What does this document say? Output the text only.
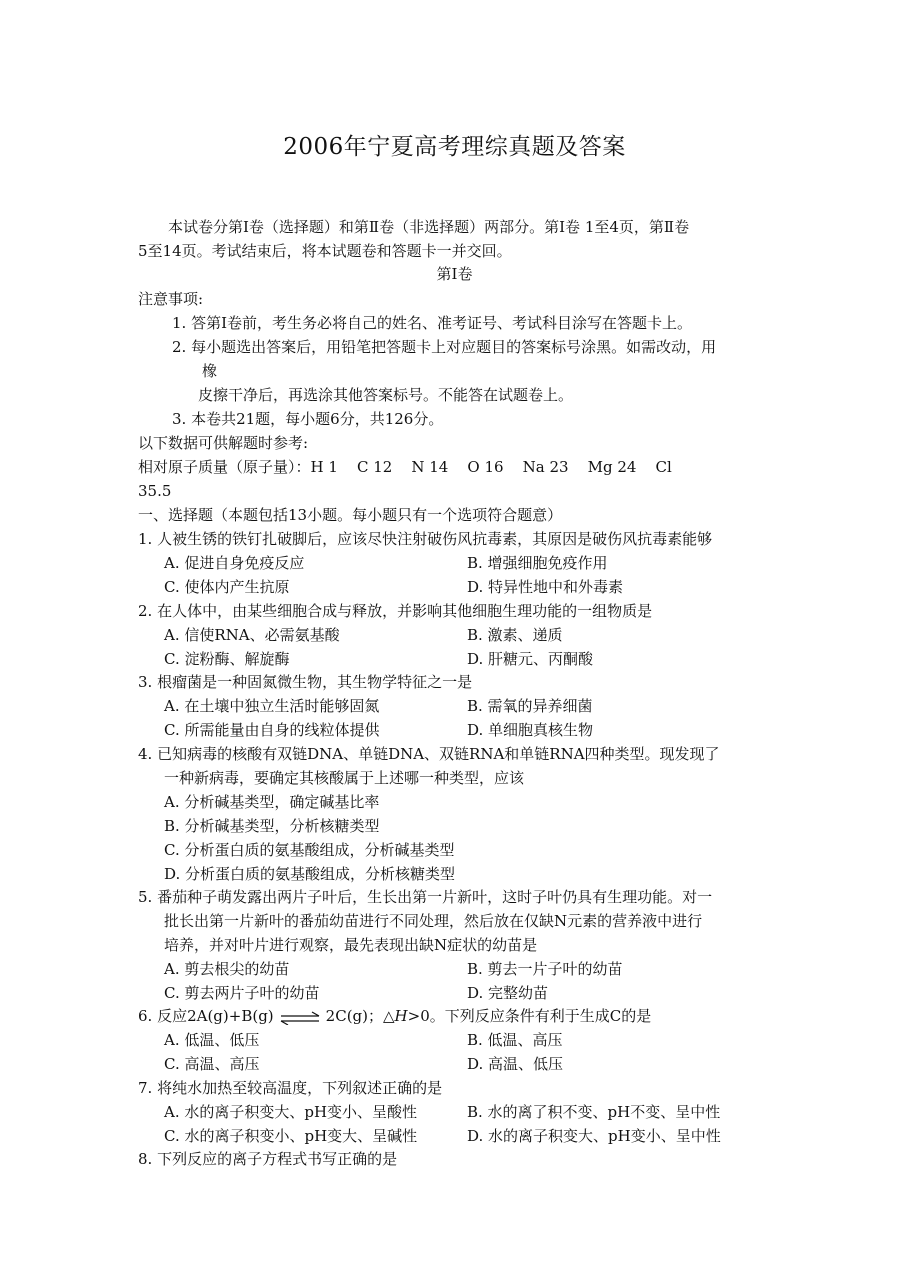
2006年宁夏高考理综真题及答案
本试卷分第Ⅰ卷（选择题）和第Ⅱ卷（非选择题）两部分。第Ⅰ卷 1至4页，第Ⅱ卷
5至14页。考试结束后，将本试题卷和答题卡一并交回。
第Ⅰ卷
注意事项:
1. 答第Ⅰ卷前，考生务必将自己的姓名、准考证号、考试科目涂写在答题卡上。
2. 每小题选出答案后，用铅笔把答题卡上对应题目的答案标号涂黑。如需改动，用
橡
皮擦干净后，再选涂其他答案标号。不能答在试题卷上。
3. 本卷共21题，每小题6分，共126分。
以下数据可供解题时参考:
相对原子质量（原子量）：H 1    C 12    N 14    O 16    Na 23    Mg 24    Cl
35.5
一、选择题（本题包括13小题。每小题只有一个选项符合题意）
1. 人被生锈的铁钉扎破脚后，应该尽快注射破伤风抗毒素，其原因是破伤风抗毒素能够
A. 促进自身免疫反应	B. 增强细胞免疫作用
C. 使体内产生抗原	D. 特异性地中和外毒素
2. 在人体中，由某些细胞合成与释放，并影响其他细胞生理功能的一组物质是
A. 信使RNA、必需氨基酸	B. 激素、递质
C. 淀粉酶、解旋酶	D. 肝糖元、丙酮酸
3. 根瘤菌是一种固氮微生物，其生物学特征之一是
A. 在土壤中独立生活时能够固氮	B. 需氧的异养细菌
C. 所需能量由自身的线粒体提供	D. 单细胞真核生物
4. 已知病毒的核酸有双链DNA、单链DNA、双链RNA和单链RNA四种类型。现发现了
一种新病毒，要确定其核酸属于上述哪一种类型，应该
A. 分析碱基类型，确定碱基比率
B. 分析碱基类型，分析核糖类型
C. 分析蛋白质的氨基酸组成，分析碱基类型
D. 分析蛋白质的氨基酸组成，分析核糖类型
5. 番茄种子萌发露出两片子叶后，生长出第一片新叶，这时子叶仍具有生理功能。对一
批长出第一片新叶的番茄幼苗进行不同处理，然后放在仅缺N元素的营养液中进行
培养，并对叶片进行观察，最先表现出缺N症状的幼苗是
A. 剪去根尖的幼苗	B. 剪去一片子叶的幼苗
C. 剪去两片子叶的幼苗	D. 完整幼苗
6. 反应2A(g)+B(g) ⇌ 2C(g)；△H>0。下列反应条件有利于生成C的是
A. 低温、低压	B. 低温、高压
C. 高温、高压	D. 高温、低压
7. 将纯水加热至较高温度，下列叙述正确的是
A. 水的离子积变大、pH变小、呈酸性	B. 水的离了积不变、pH不变、呈中性
C. 水的离子积变小、pH变大、呈碱性	D. 水的离子积变大、pH变小、呈中性
8. 下列反应的离子方程式书写正确的是
